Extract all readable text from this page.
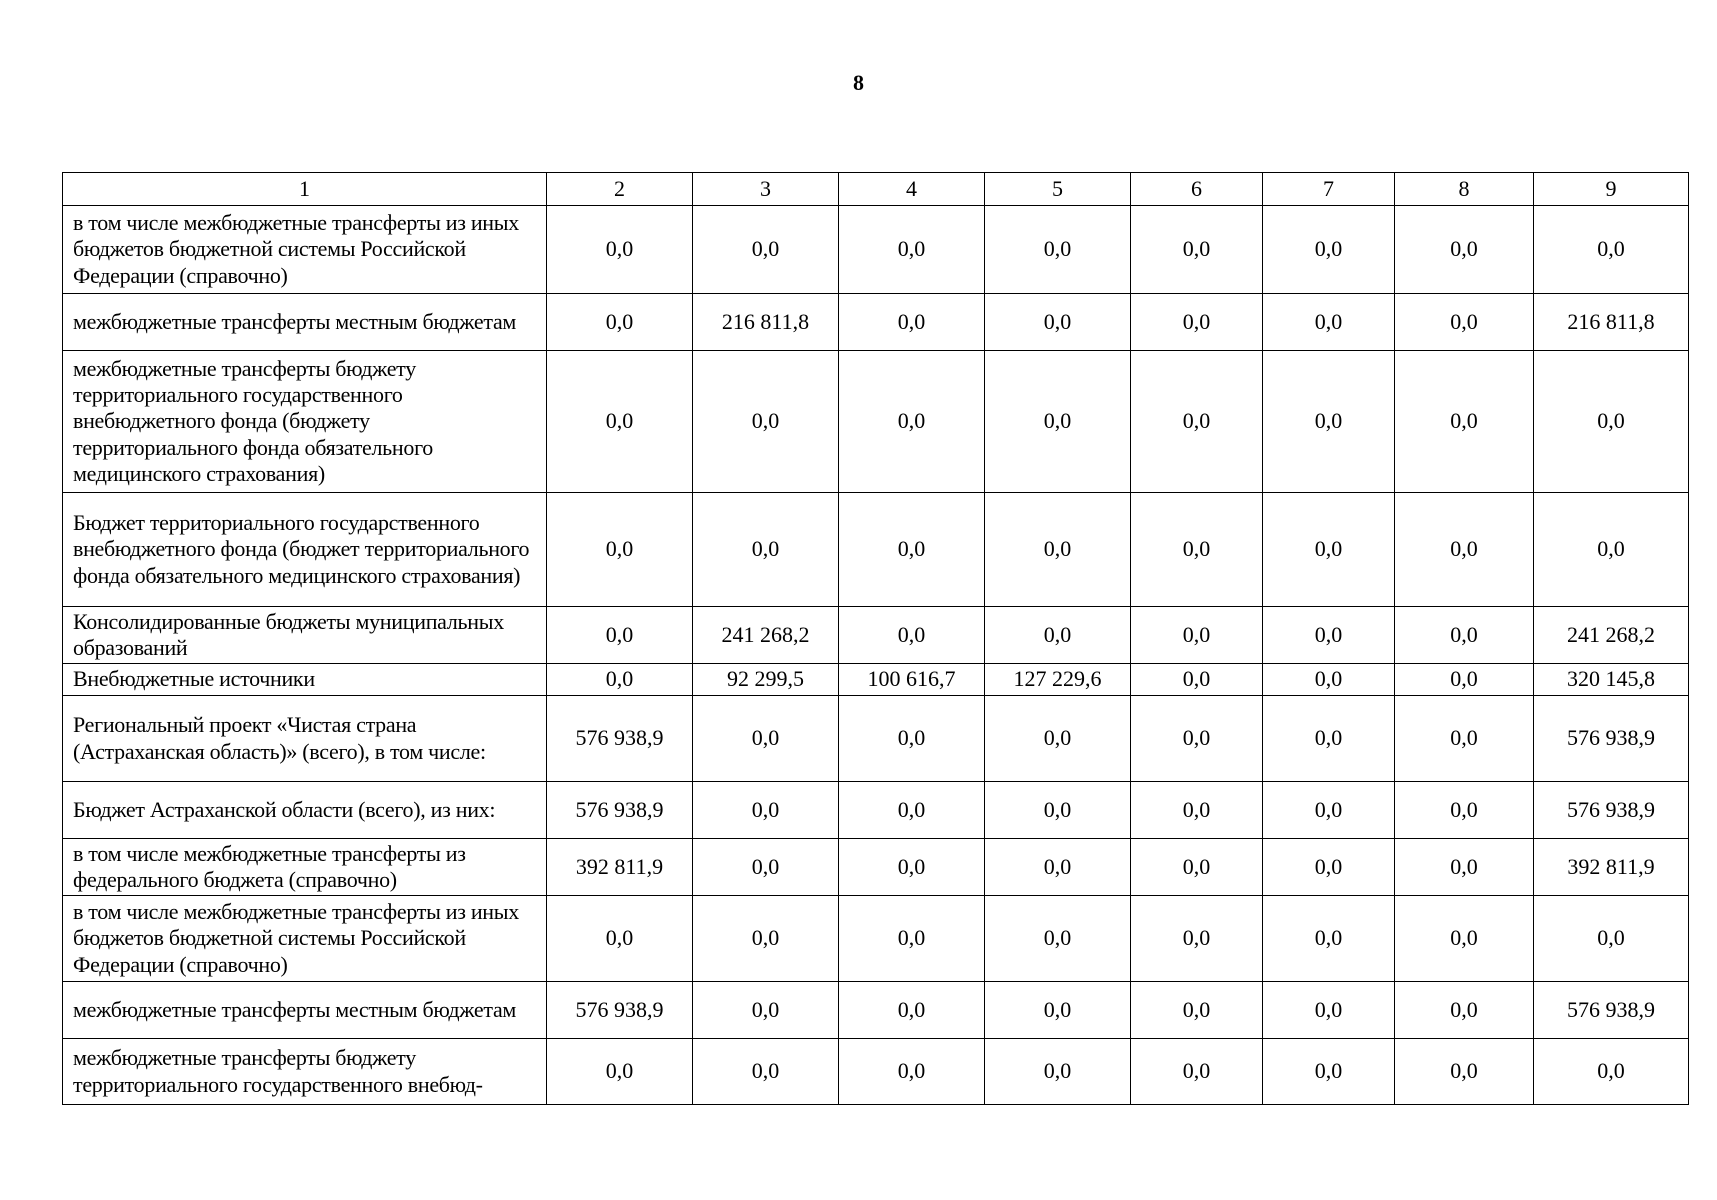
8
1	2	3	4	5	6	7	8	9
в том числе межбюджетные трансферты из иных бюджетов бюджетной системы Российской Федерации (справочно)	0,0	0,0	0,0	0,0	0,0	0,0	0,0	0,0
межбюджетные трансферты местным бюджетам	0,0	216 811,8	0,0	0,0	0,0	0,0	0,0	216 811,8
межбюджетные трансферты бюджету территориального государственного внебюджетного фонда (бюджету территориального фонда обязательного медицинского страхования)	0,0	0,0	0,0	0,0	0,0	0,0	0,0	0,0
Бюджет территориального государственного внебюджетного фонда (бюджет территориального фонда обязательного медицинского страхования)	0,0	0,0	0,0	0,0	0,0	0,0	0,0	0,0
Консолидированные бюджеты муниципальных образований	0,0	241 268,2	0,0	0,0	0,0	0,0	0,0	241 268,2
Внебюджетные источники	0,0	92 299,5	100 616,7	127 229,6	0,0	0,0	0,0	320 145,8
Региональный проект «Чистая страна (Астраханская область)» (всего), в том числе:	576 938,9	0,0	0,0	0,0	0,0	0,0	0,0	576 938,9
Бюджет Астраханской области (всего), из них:	576 938,9	0,0	0,0	0,0	0,0	0,0	0,0	576 938,9
в том числе межбюджетные трансферты из федерального бюджета (справочно)	392 811,9	0,0	0,0	0,0	0,0	0,0	0,0	392 811,9
в том числе межбюджетные трансферты из иных бюджетов бюджетной системы Российской Федерации (справочно)	0,0	0,0	0,0	0,0	0,0	0,0	0,0	0,0
межбюджетные трансферты местным бюджетам	576 938,9	0,0	0,0	0,0	0,0	0,0	0,0	576 938,9
межбюджетные трансферты бюджету территориального государственного внебюд-	0,0	0,0	0,0	0,0	0,0	0,0	0,0	0,0
